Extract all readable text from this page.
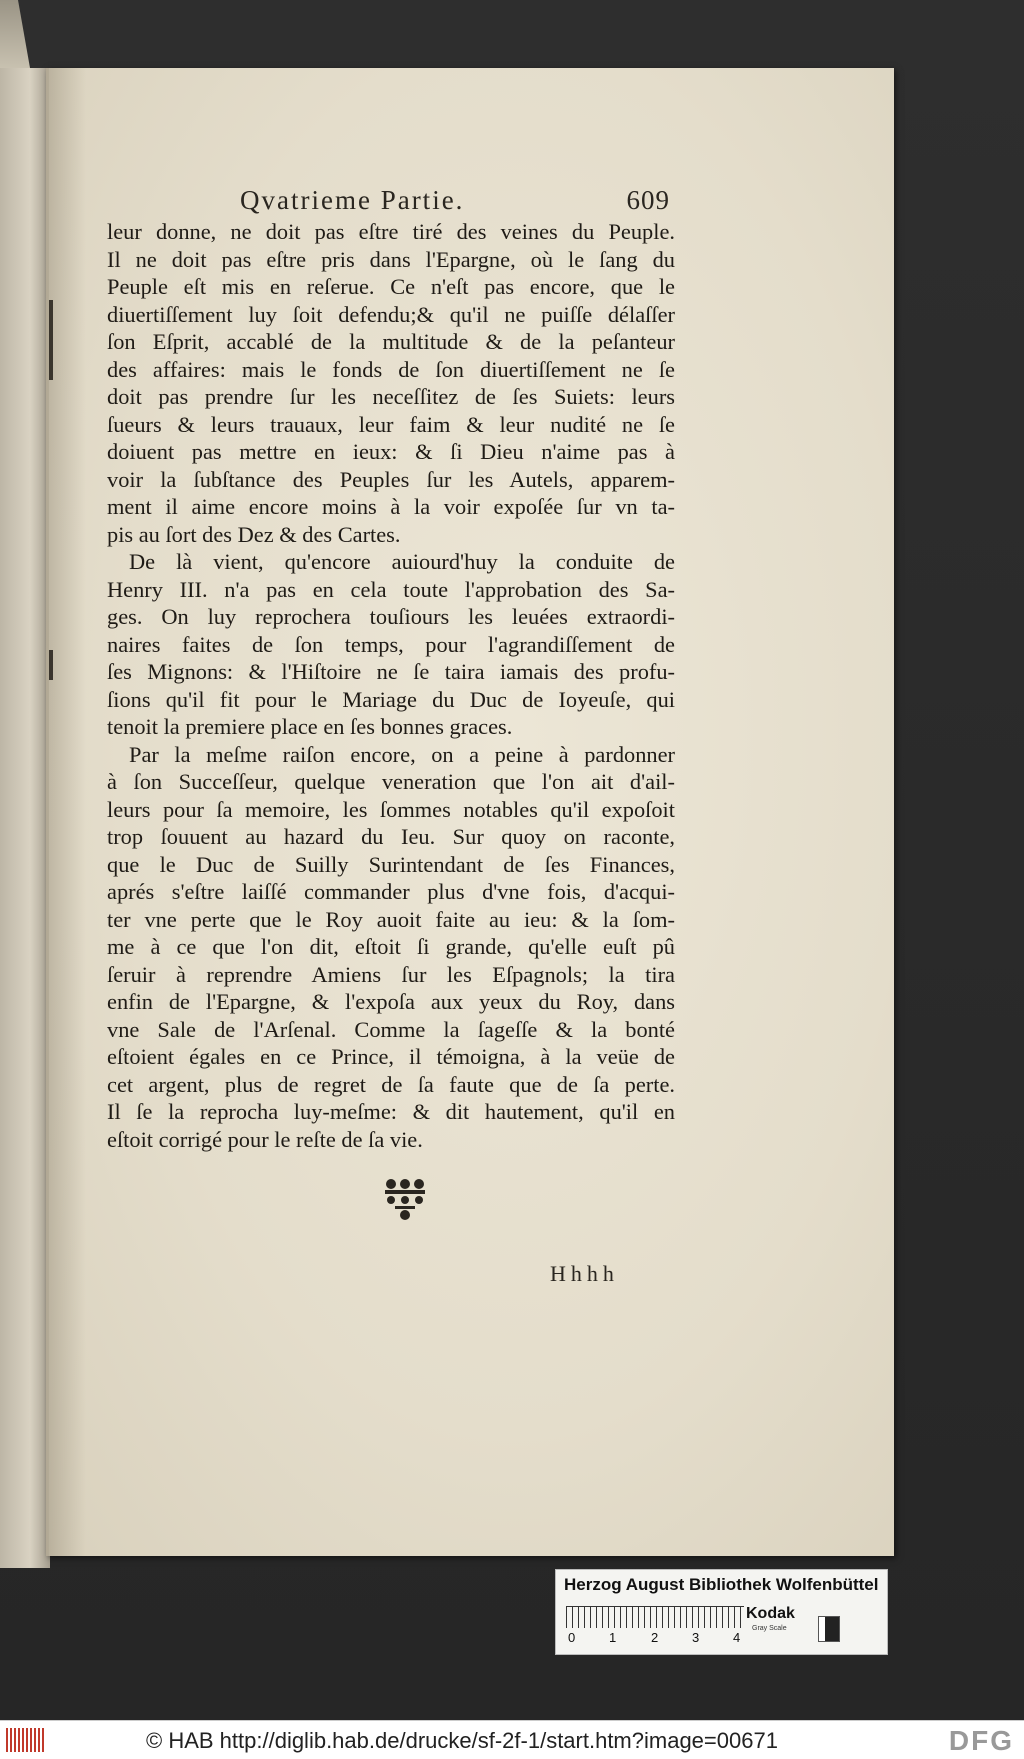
Qvatrieme Partie.	609
leur donne, ne doit pas eſtre tiré des veines du Peuple.
Il ne doit pas eſtre pris dans l'Epargne, où le ſang du
Peuple eſt mis en reſerue. Ce n'eſt pas encore, que le
diuertiſſement luy ſoit defendu;& qu'il ne puiſſe délaſſer
ſon Eſprit, accablé de la multitude & de la peſanteur
des affaires: mais le fonds de ſon diuertiſſement ne ſe
doit pas prendre ſur les neceſſitez de ſes Suiets: leurs
ſueurs & leurs trauaux, leur faim & leur nudité ne ſe
doiuent pas mettre en ieux: & ſi Dieu n'aime pas à
voir la ſubſtance des Peuples ſur les Autels, apparem-
ment il aime encore moins à la voir expoſée ſur vn ta-
pis au ſort des Dez & des Cartes.
De là vient, qu'encore auiourd'huy la conduite de
Henry III. n'a pas en cela toute l'approbation des Sa-
ges. On luy reprochera touſiours les leuées extraordi-
naires faites de ſon temps, pour l'agrandiſſement de
ſes Mignons: & l'Hiſtoire ne ſe taira iamais des profu-
ſions qu'il fit pour le Mariage du Duc de Ioyeuſe, qui
tenoit la premiere place en ſes bonnes graces.
Par la meſme raiſon encore, on a peine à pardonner
à ſon Succeſſeur, quelque veneration que l'on ait d'ail-
leurs pour ſa memoire, les ſommes notables qu'il expoſoit
trop ſouuent au hazard du Ieu. Sur quoy on raconte,
que le Duc de Suilly Surintendant de ſes Finances,
aprés s'eſtre laiſſé commander plus d'vne fois, d'acqui-
ter vne perte que le Roy auoit faite au ieu: & la ſom-
me à ce que l'on dit, eſtoit ſi grande, qu'elle euſt pû
ſeruir à reprendre Amiens ſur les Eſpagnols; la tira
enfin de l'Epargne, & l'expoſa aux yeux du Roy, dans
vne Sale de l'Arſenal. Comme la ſageſſe & la bonté
eſtoient égales en ce Prince, il témoigna, à la veüe de
cet argent, plus de regret de ſa faute que de ſa perte.
Il ſe la reprocha luy-meſme: & dit hautement, qu'il en
eſtoit corrigé pour le reſte de ſa vie.
Hhhh
Herzog August Bibliothek Wolfenbüttel
0	1	2	3	4
Kodak
Gray Scale
© HAB http://diglib.hab.de/drucke/sf-2f-1/start.htm?image=00671	DFG
